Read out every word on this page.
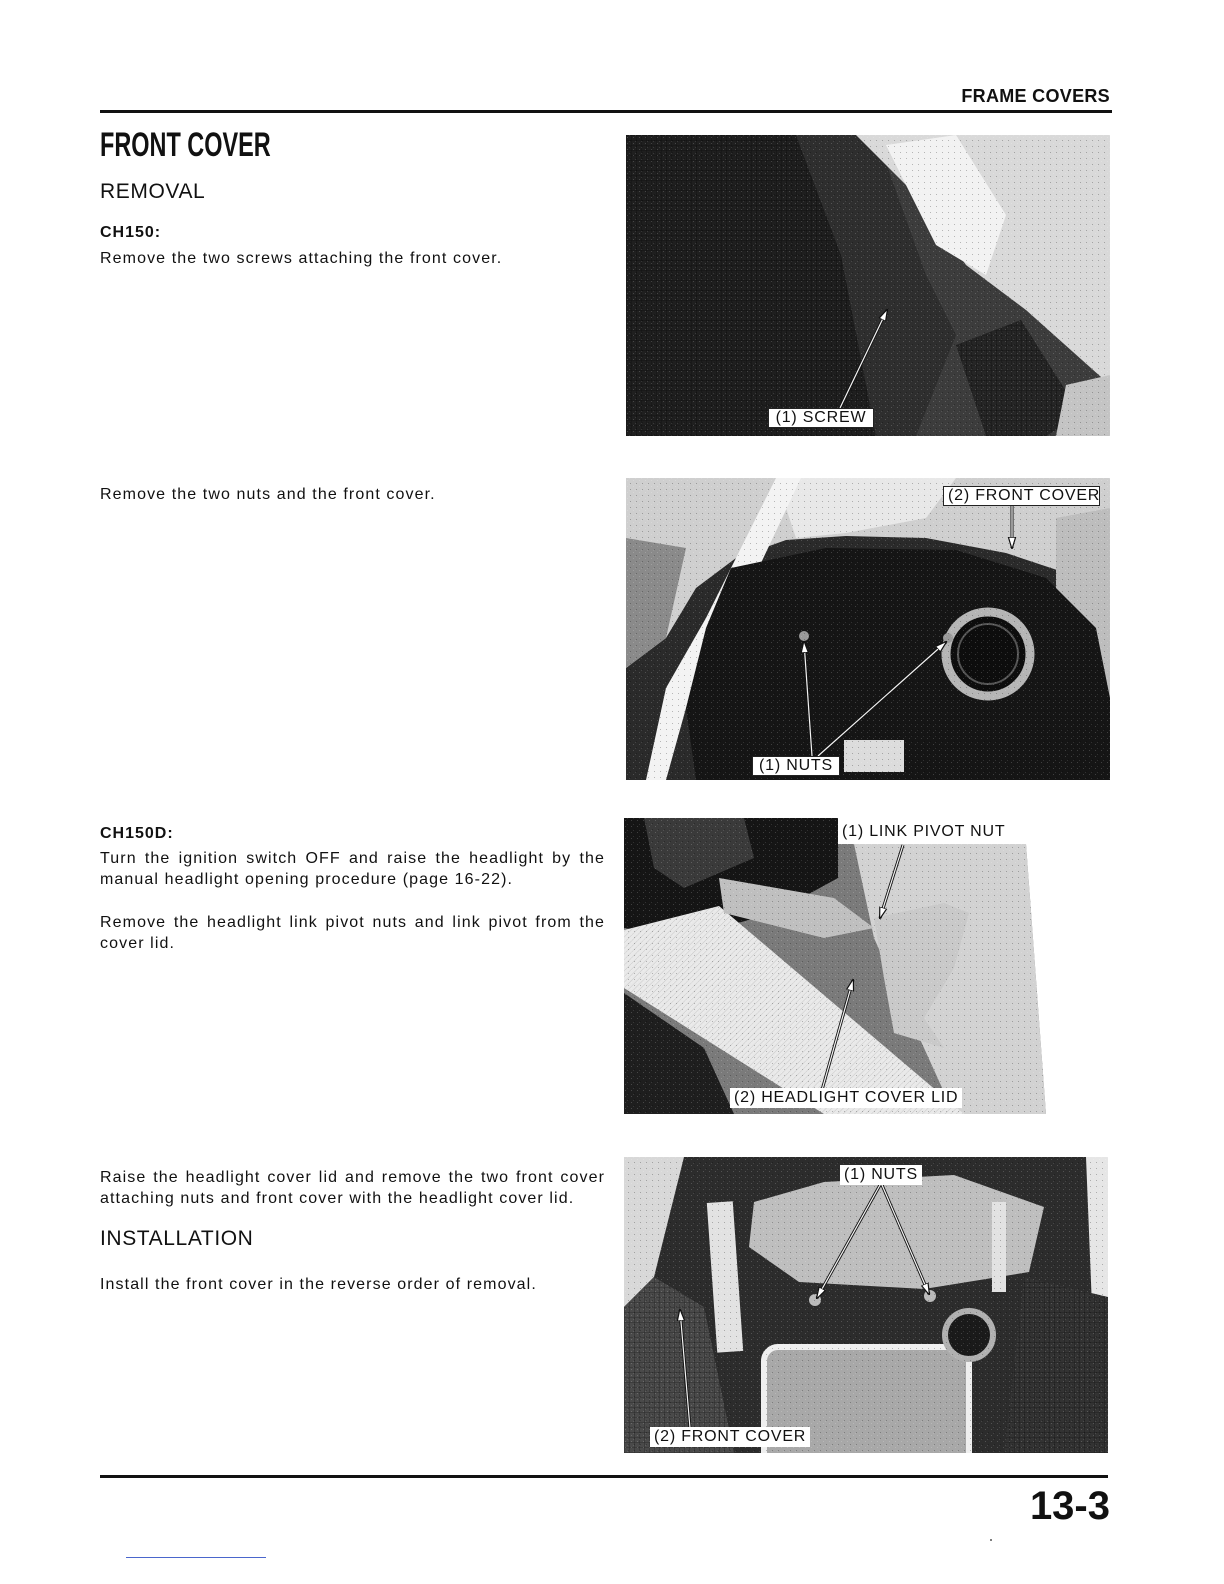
FRAME COVERS
FRONT COVER
REMOVAL
CH150:
Remove the two screws attaching the front cover.
Remove the two nuts and the front cover.
CH150D:
Turn the ignition switch OFF and raise the headlight by the
manual headlight opening procedure (page 16-22).
Remove the headlight link pivot nuts and link pivot from the
cover lid.
Raise the headlight cover lid and remove the two front cover
attaching nuts and front cover with the headlight cover lid.
INSTALLATION
Install the front cover in the reverse order of removal.
(1) SCREW
(2) FRONT COVER
(1) NUTS
(1) LINK PIVOT NUT
(2) HEADLIGHT COVER LID
(1) NUTS
(2) FRONT COVER
13-3
